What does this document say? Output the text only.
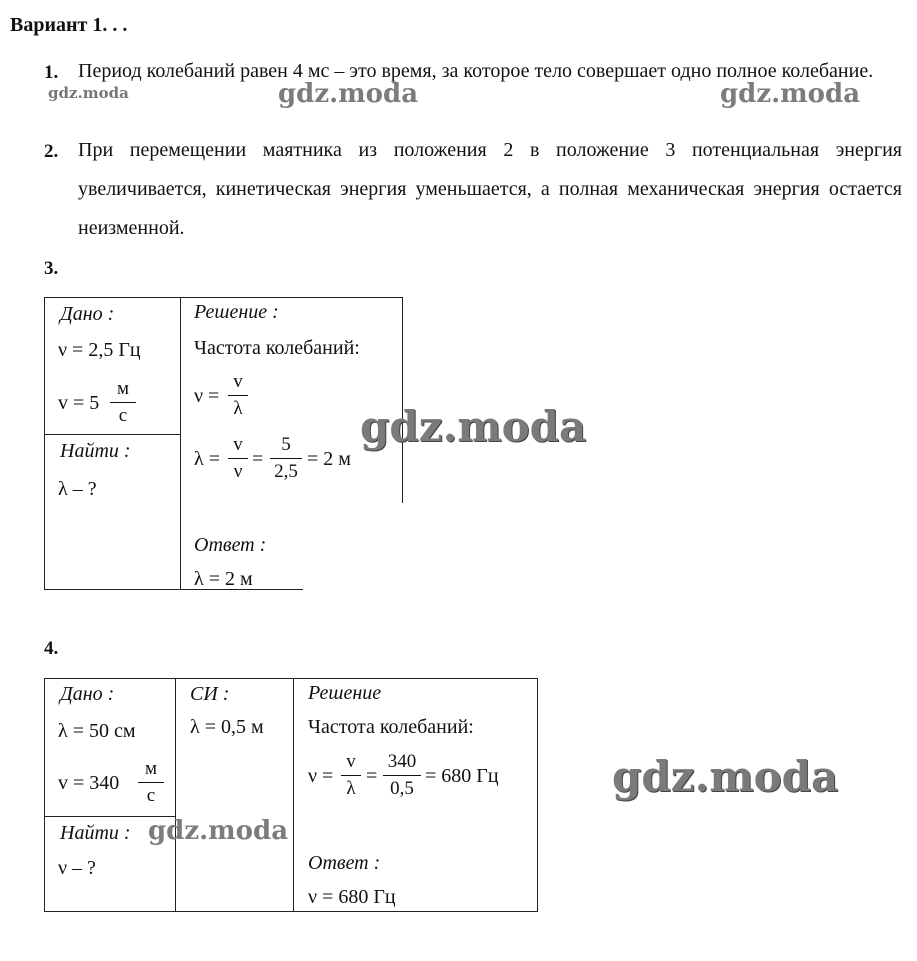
Вариант 1. . .
1. Период колебаний равен 4 мс – это время, за которое тело совершает одно полное колебание.
2. При перемещении маятника из положения 2 в положение 3 потенциальная энергия увеличивается, кинетическая энергия уменьшается, а полная механическая энергия остается неизменной.
3.
Дано :
ν = 2,5 Гц
v = 5
м
с
Найти :
λ – ?
Решение :
Частота колебаний:
ν =
v
λ
λ =
v
ν
=
5
2,5
= 2 м
Ответ :
λ = 2 м
4.
Дано :
λ = 50 см
v = 340
м
с
Найти :
ν – ?
СИ :
λ = 0,5 м
Решение
Частота колебаний:
ν =
v
λ
=
340
0,5
= 680 Гц
Ответ :
ν = 680 Гц
gdz.moda	gdz.moda	gdz.moda
gdz.moda
gdz.moda
gdz.moda
